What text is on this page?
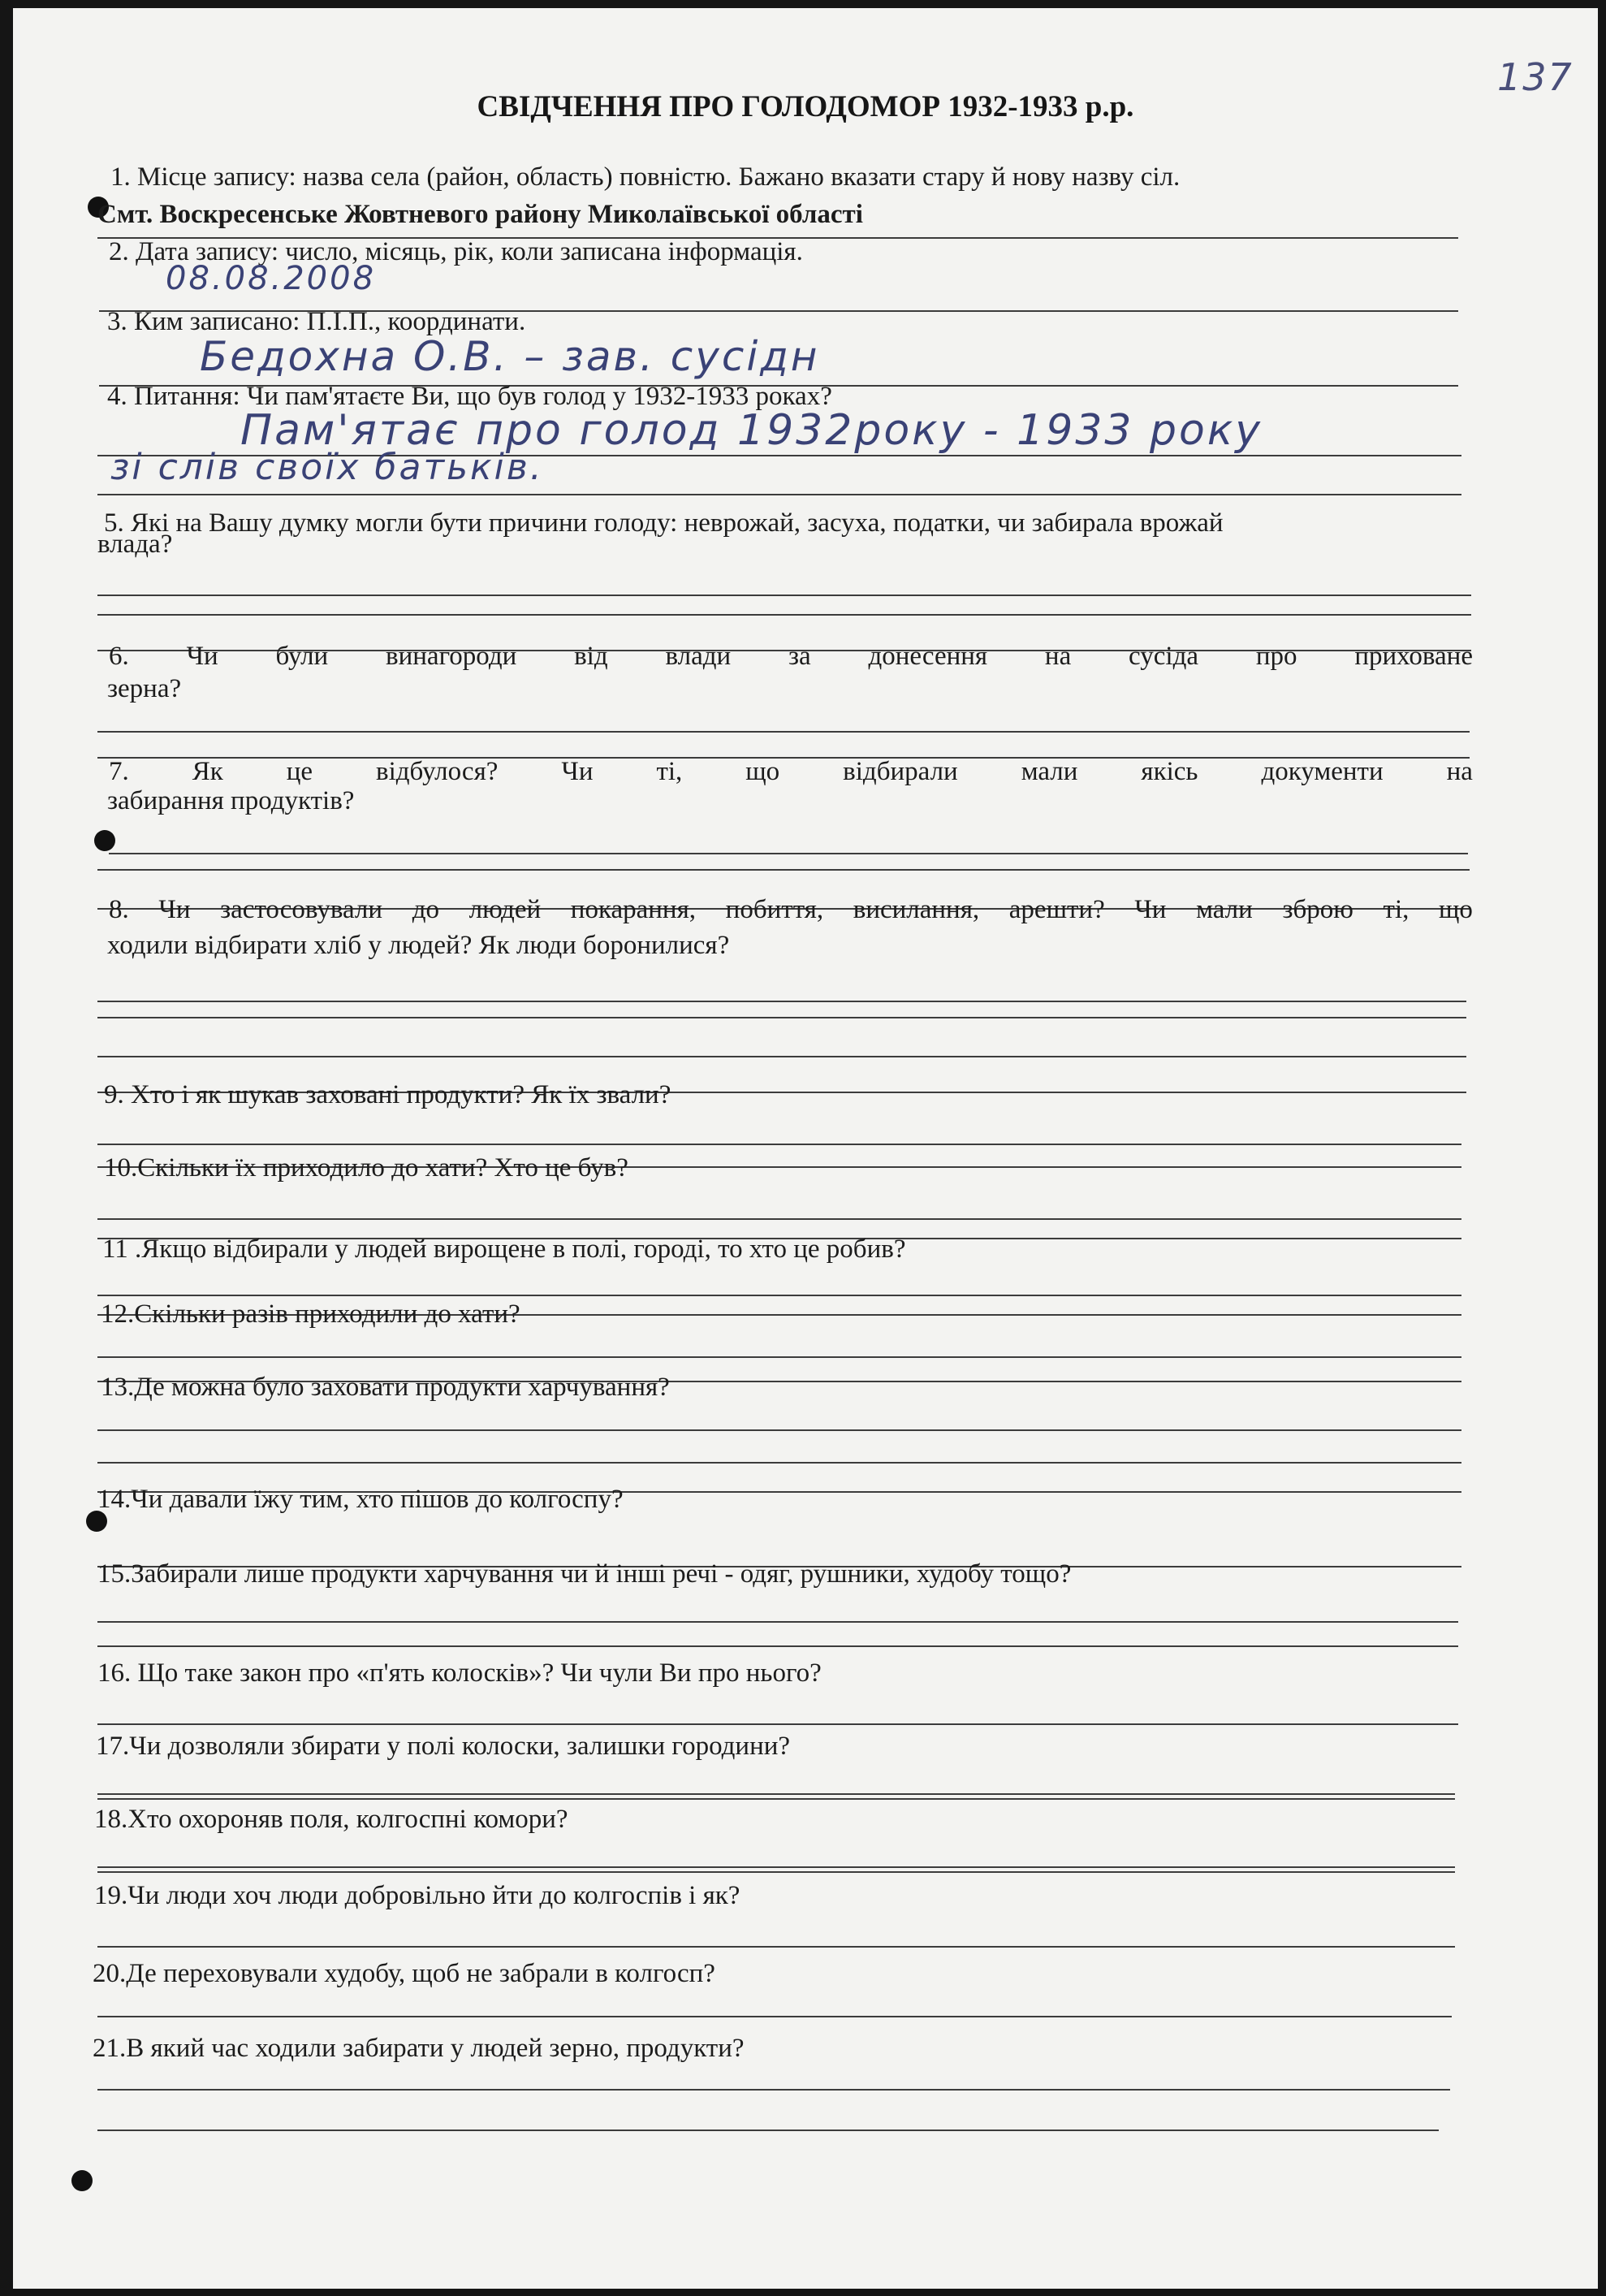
137
СВІДЧЕННЯ ПРО ГОЛОДОМОР 1932-1933 р.р.
1. Місце запису: назва села (район, область) повністю. Бажано вказати стару й нову назву сіл.
Смт. Воскресенське Жовтневого району Миколаївської області
2. Дата запису: число, місяць, рік, коли записана інформація.
08.08.2008
3. Ким записано: П.І.П., координати.
Бедохна О.В. – зав. сусідн
4. Питання: Чи пам'ятаєте Ви, що був голод у 1932-1933 роках?
Пам'ятає про голод 1932року - 1933 року
зі слів своїх батьків.
5. Які на Вашу думку могли бути причини голоду: неврожай, засуха, податки, чи забирала врожай
влада?
6. Чи були винагороди від влади за донесення на сусіда про приховане
зерна?
7. Як це відбулося? Чи ті, що відбирали мали якісь документи на
забирання продуктів?
8. Чи застосовували до людей покарання, побиття, висилання, арешти? Чи мали зброю ті, що
ходили відбирати хліб у людей? Як люди боронилися?
9. Хто і як шукав заховані продукти? Як їх звали?
10.Скільки їх приходило до хати? Хто це був?
11 .Якщо відбирали у людей вирощене в полі, городі, то хто це робив?
12.Скільки разів приходили до хати?
13.Де можна було заховати продукти харчування?
14.Чи давали їжу тим, хто пішов до колгоспу?
15.Забирали лише продукти харчування чи й інші речі - одяг, рушники, худобу тощо?
16. Що таке закон про «п'ять колосків»? Чи чули Ви про нього?
17.Чи дозволяли збирати у полі колоски, залишки городини?
18.Хто охороняв поля, колгоспні комори?
19.Чи люди хоч люди добровільно йти до колгоспів і як?
20.Де переховували худобу, щоб не забрали в колгосп?
21.В який час ходили забирати у людей зерно, продукти?
